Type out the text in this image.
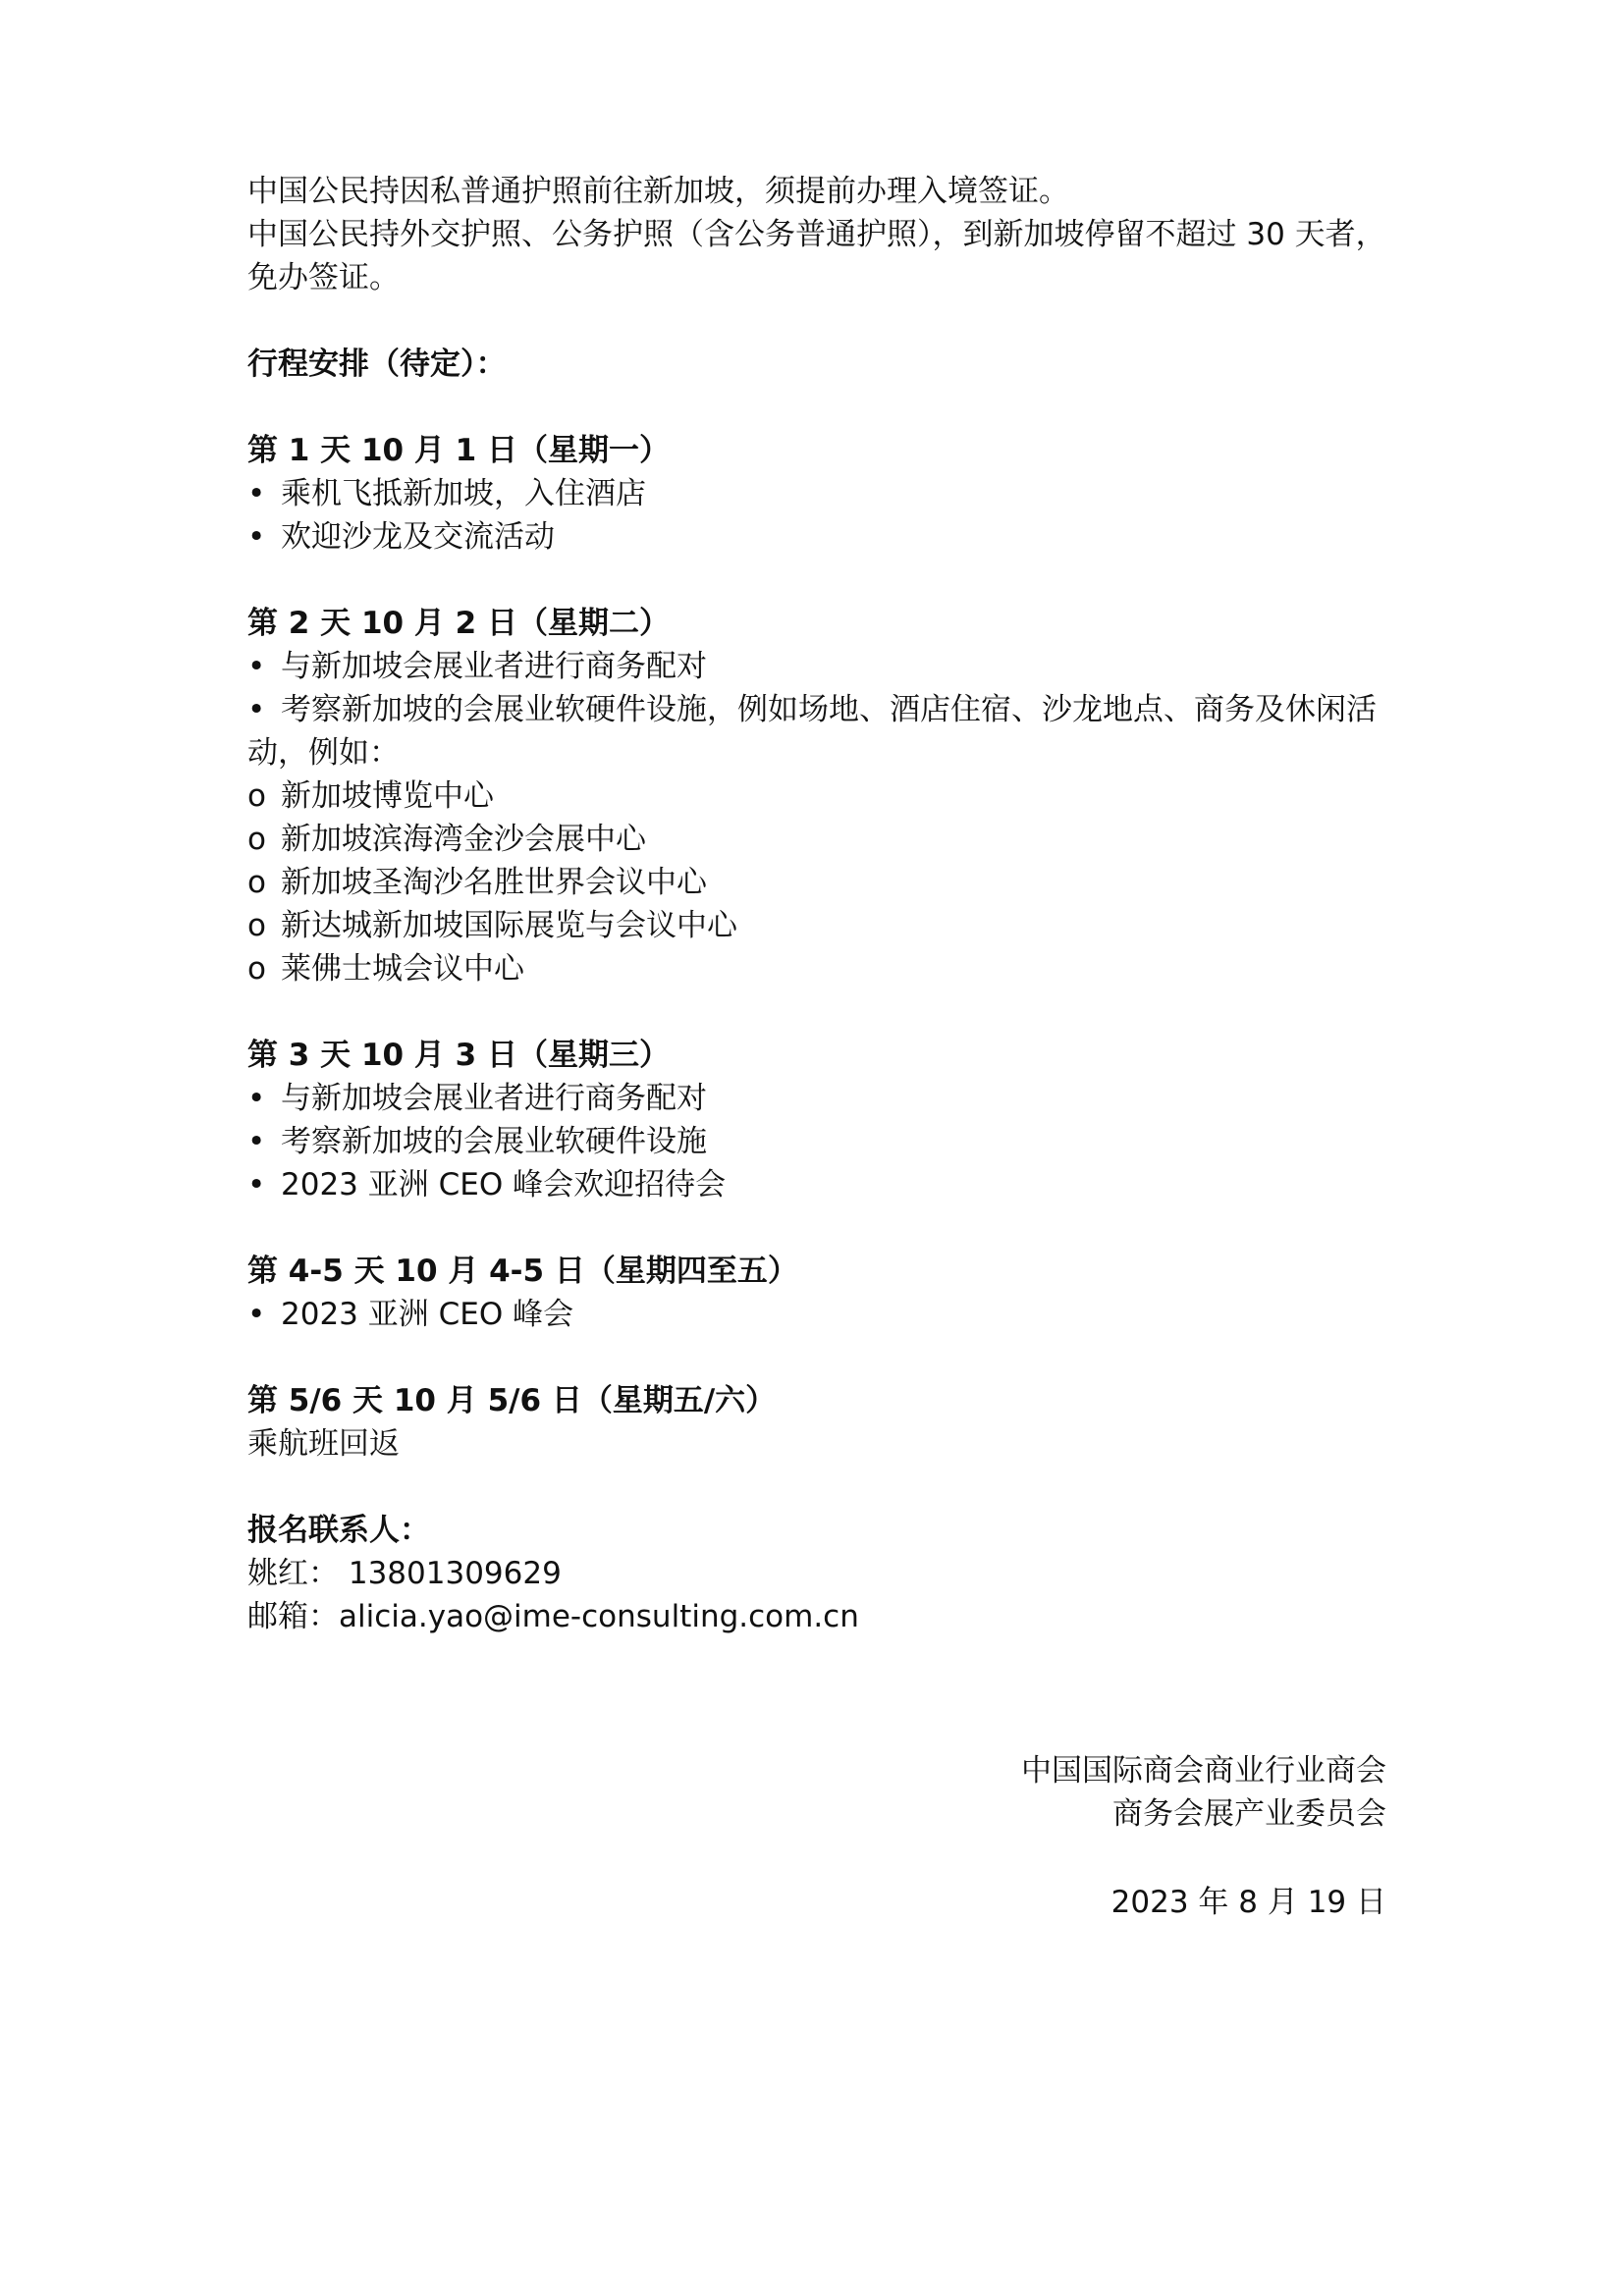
中国公民持因私普通护照前往新加坡，须提前办理入境签证。

中国公民持外交护照、公务护照（含公务普通护照），到新加坡停留不超过 30 天者，免办签证。

行程安排（待定）：

第 1 天 10 月 1 日（星期一）

• 乘机飞抵新加坡，入住酒店

• 欢迎沙龙及交流活动

第 2 天 10 月 2 日（星期二）

• 与新加坡会展业者进行商务配对

• 考察新加坡的会展业软硬件设施，例如场地、酒店住宿、沙龙地点、商务及休闲活动，例如：

o 新加坡博览中心

o 新加坡滨海湾金沙会展中心

o 新加坡圣淘沙名胜世界会议中心

o 新达城新加坡国际展览与会议中心

o 莱佛士城会议中心

第 3 天 10 月 3 日（星期三）

• 与新加坡会展业者进行商务配对

• 考察新加坡的会展业软硬件设施

• 2023 亚洲 CEO 峰会欢迎招待会

第 4-5 天 10 月 4-5 日（星期四至五）

• 2023 亚洲 CEO 峰会

第 5/6 天 10 月 5/6 日（星期五/六）

乘航班回返

报名联系人：

姚红： 13801309629

邮箱：alicia.yao@ime-consulting.com.cn

中国国际商会商业行业商会
商务会展产业委员会
2023 年 8 月 19 日
